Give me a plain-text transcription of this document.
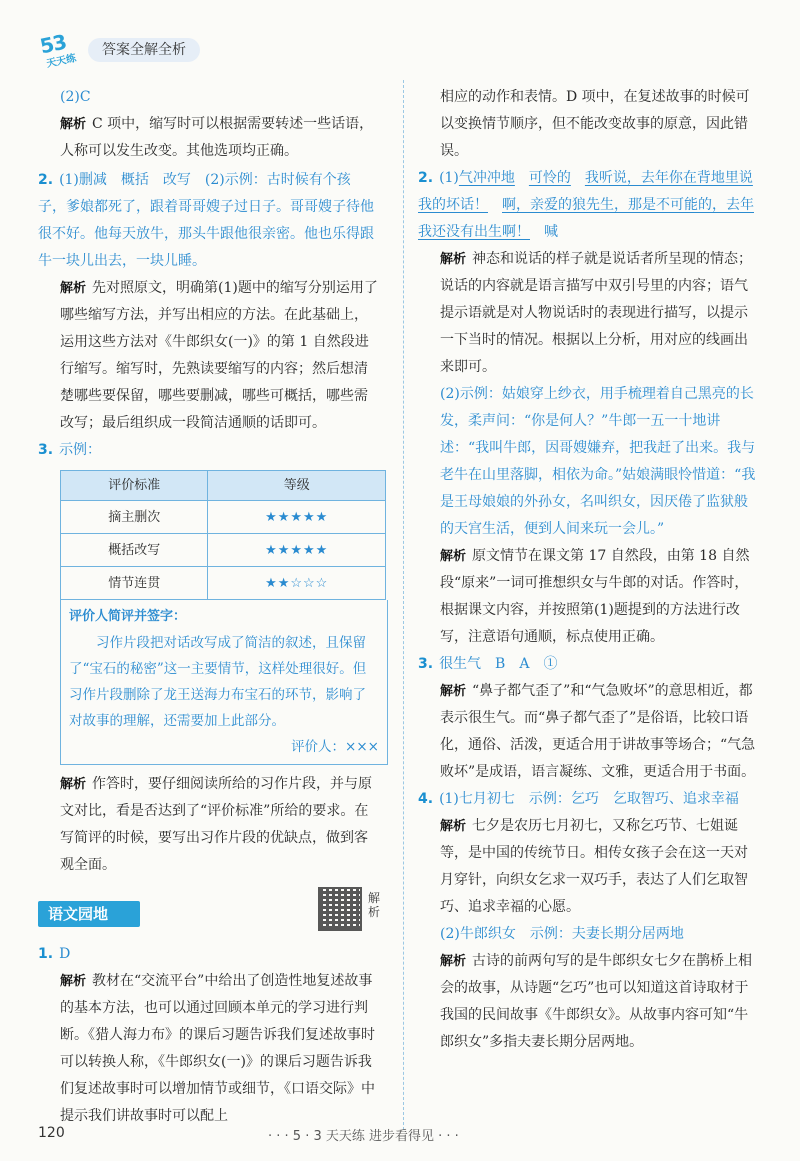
53
天天练
答案全解全析

(2)C

解析 C 项中，缩写时可以根据需要转述一些话语，人称可以发生改变。其他选项均正确。

2. (1)删减　概括　改写　(2)示例：古时候有个孩子，爹娘都死了，跟着哥哥嫂子过日子。哥哥嫂子待他很不好。他每天放牛，那头牛跟他很亲密。他也乐得跟牛一块儿出去，一块儿睡。

解析 先对照原文，明确第(1)题中的缩写分别运用了哪些缩写方法，并写出相应的方法。在此基础上，运用这些方法对《牛郎织女(一)》的第 1 自然段进行缩写。缩写时，先熟读要缩写的内容；然后想清楚哪些要保留，哪些要删减，哪些可概括，哪些需改写；最后组织成一段简洁通顺的话即可。

3. 示例：

评价标准	等级
摘主删次	★★★★★
概括改写	★★★★★
情节连贯	★★☆☆☆
评价人简评并签字：
习作片段把对话改写成了简洁的叙述，且保留了“宝石的秘密”这一主要情节，这样处理很好。但习作片段删除了龙王送海力布宝石的环节，影响了对故事的理解，还需要加上此部分。
评价人：×××

解析 作答时，要仔细阅读所给的习作片段，并与原文对比，看是否达到了“评价标准”所给的要求。在写简评的时候，要写出习作片段的优缺点，做到客观全面。

语文园地
解析

1. D

解析 教材在“交流平台”中给出了创造性地复述故事的基本方法，也可以通过回顾本单元的学习进行判断。《猎人海力布》的课后习题告诉我们复述故事时可以转换人称，《牛郎织女(一)》的课后习题告诉我们复述故事时可以增加情节或细节，《口语交际》中提示我们讲故事时可以配上

相应的动作和表情。D 项中，在复述故事的时候可以变换情节顺序，但不能改变故事的原意，因此错误。

2. (1)气冲冲地　 可怜的　 我听说，去年你在背地里说我的坏话！　 啊，亲爱的狼先生，那是不可能的，去年我还没有出生啊！　 喊

解析 神态和说话的样子就是说话者所呈现的情态；说话的内容就是语言描写中双引号里的内容；语气提示语就是对人物说话时的表现进行描写，以提示一下当时的情况。根据以上分析，用对应的线画出来即可。

(2)示例：姑娘穿上纱衣，用手梳理着自己黑亮的长发，柔声问：“你是何人？”牛郎一五一十地讲述：“我叫牛郎，因哥嫂嫌弃，把我赶了出来。我与老牛在山里落脚，相依为命。”姑娘满眼怜惜道：“我是王母娘娘的外孙女，名叫织女，因厌倦了监狱般的天宫生活，便到人间来玩一会儿。”

解析 原文情节在课文第 17 自然段，由第 18 自然段“原来”一词可推想织女与牛郎的对话。作答时，根据课文内容，并按照第(1)题提到的方法进行改写，注意语句通顺，标点使用正确。

3. 很生气　B　A　①

解析 “鼻子都气歪了”和“气急败坏”的意思相近，都表示很生气。而“鼻子都气歪了”是俗语，比较口语化，通俗、活泼，更适合用于讲故事等场合；“气急败坏”是成语，语言凝练、文雅，更适合用于书面。

4. (1)七月初七　示例：乞巧　乞取智巧、追求幸福

解析 七夕是农历七月初七，又称乞巧节、七姐诞等，是中国的传统节日。相传女孩子会在这一天对月穿针，向织女乞求一双巧手，表达了人们乞取智巧、追求幸福的心愿。

(2)牛郎织女　示例：夫妻长期分居两地

解析 古诗的前两句写的是牛郎织女七夕在鹊桥上相会的故事，从诗题“乞巧”也可以知道这首诗取材于我国的民间故事《牛郎织女》。从故事内容可知“牛郎织女”多指夫妻长期分居两地。

120	· · · 5 · 3 天天练 进步看得见 · · ·
